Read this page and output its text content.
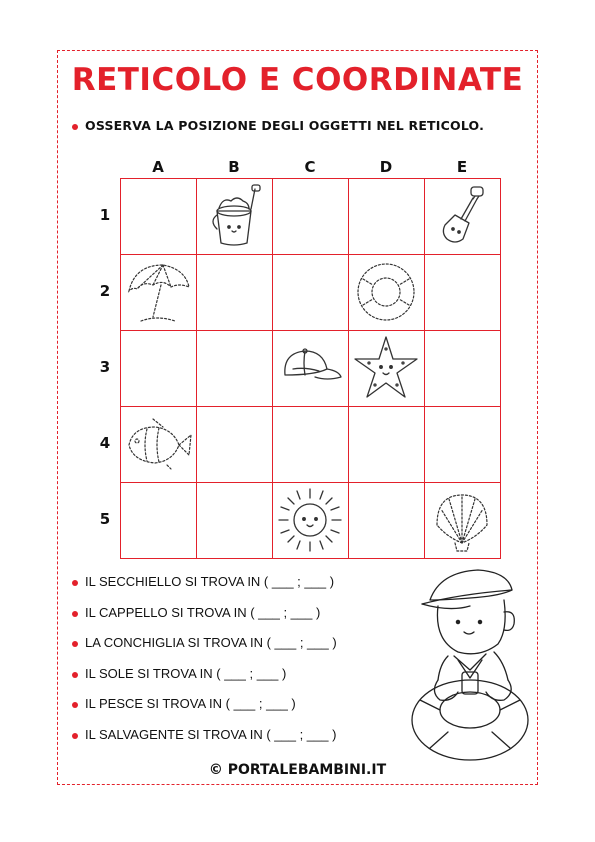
RETICOLO E COORDINATE
OSSERVA LA POSIZIONE DEGLI OGGETTI NEL RETICOLO.
A	B	C	D	E
1
2
3
4
5
IL SECCHIELLO SI TROVA IN ( ___ ; ___ )
IL CAPPELLO SI TROVA IN ( ___ ; ___ )
LA CONCHIGLIA SI TROVA IN ( ___ ; ___ )
IL SOLE SI TROVA IN ( ___ ; ___ )
IL PESCE SI TROVA IN ( ___ ; ___ )
IL SALVAGENTE SI TROVA IN ( ___ ; ___ )
© PORTALEBAMBINI.IT
